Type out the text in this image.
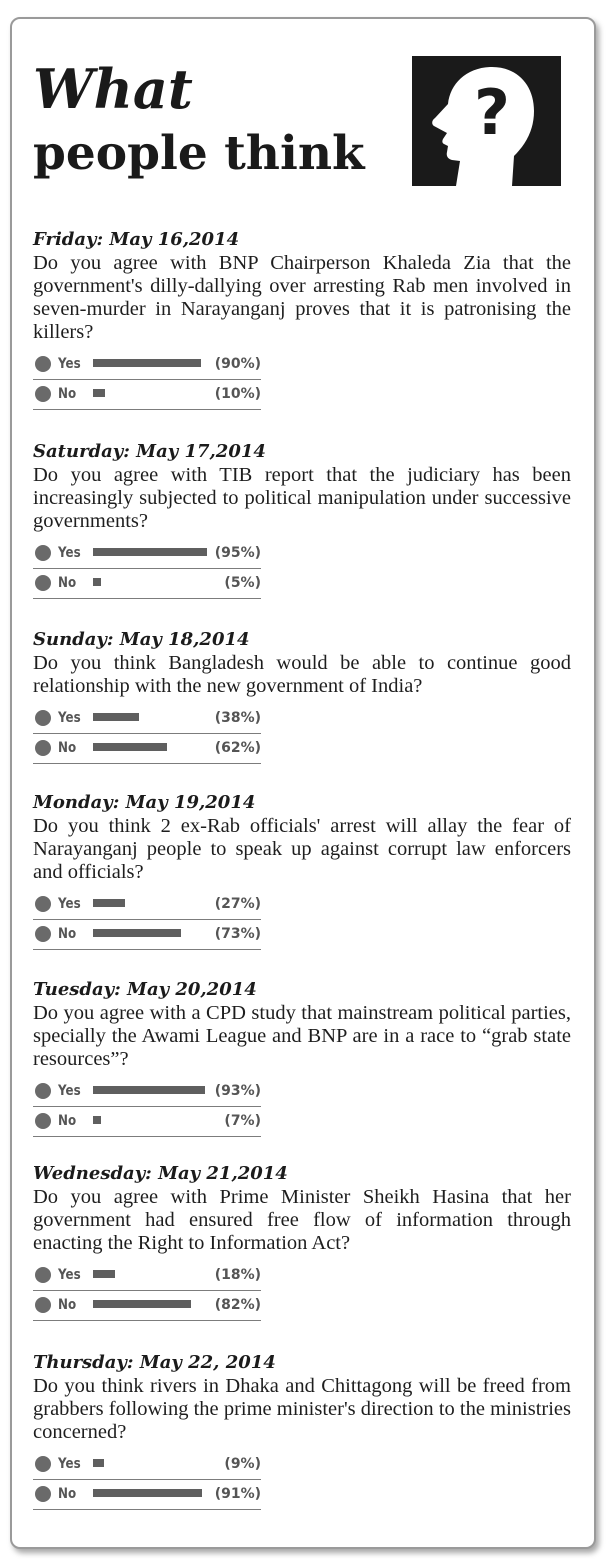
What
people think
?
Friday: May 16,2014
Do you agree with BNP Chairperson Khaleda Zia that the government's dilly-dallying over arresting Rab men involved in seven-murder in Narayanganj proves that it is patronising the killers?
Yes	(90%)
No	(10%)
Saturday: May 17,2014
Do you agree with TIB report that the judiciary has been increasingly subjected to political manipulation under successive governments?
Yes	(95%)
No	(5%)
Sunday: May 18,2014
Do you think Bangladesh would be able to continue good relationship with the new government of India?
Yes	(38%)
No	(62%)
Monday: May 19,2014
Do you think 2 ex-Rab officials' arrest will allay the fear of Narayanganj people to speak up against corrupt law enforcers and officials?
Yes	(27%)
No	(73%)
Tuesday: May 20,2014
Do you agree with a CPD study that mainstream political parties, specially the Awami League and BNP are in a race to “grab state resources”?
Yes	(93%)
No	(7%)
Wednesday: May 21,2014
Do you agree with Prime Minister Sheikh Hasina that her government had ensured free flow of information through enacting the Right to Information Act?
Yes	(18%)
No	(82%)
Thursday: May 22, 2014
Do you think rivers in Dhaka and Chittagong will be freed from grabbers following the prime minister's direction to the ministries concerned?
Yes	(9%)
No	(91%)
